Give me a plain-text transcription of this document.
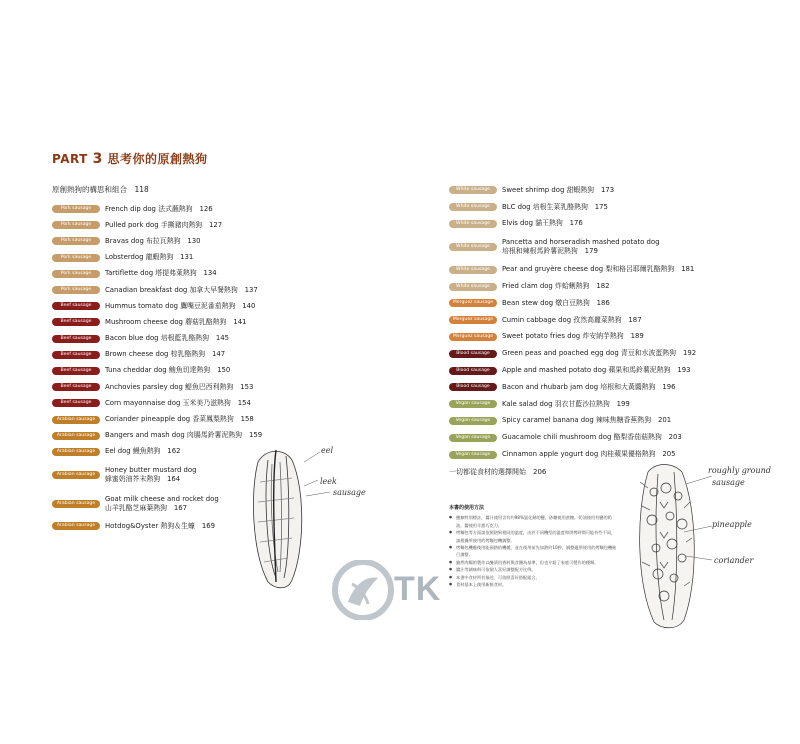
PART 3 思考你的原創熱狗
原創熱狗的構思和組合　118
Pork sausage	French dip dog 法式蘸熱狗　126
Pork sausage	Pulled pork dog 手撕豬肉熱狗　127
Pork sausage	Bravas dog 布拉瓦熱狗　130
Pork sausage	Lobsterdog 龍蝦熱狗　131
Pork sausage	Tartiflette dog 塔提弗萊熱狗　134
Pork sausage	Canadian breakfast dog 加拿大早餐熱狗　137
Beef sausage	Hummus tomato dog 鷹嘴豆泥番茄熱狗　140
Beef sausage	Mushroom cheese dog 蘑菇乳酪熱狗　141
Beef sausage	Bacon blue dog 培根藍乳酪熱狗　145
Beef sausage	Brown cheese dog 棕乳酪熱狗　147
Beef sausage	Tuna cheddar dog 鮪魚切達熱狗　150
Beef sausage	Anchovies parsley dog 鯷魚巴西利熱狗　153
Beef sausage	Corn mayonnaise dog 玉米美乃滋熱狗　154
Arabian sausage	Coriander pineapple dog 香菜鳳梨熱狗　158
Arabian sausage	Bangers and mash dog 肉腸馬鈴薯泥熱狗　159
Arabian sausage	Eel dog 鰻魚熱狗　162
Arabian sausage
Honey butter mustard dog
蜂蜜奶油芥末熱狗　164
Arabian sausage
Goat milk cheese and rocket dog
山羊乳酪芝麻葉熱狗　167
Arabian sausage	Hotdog&Oyster 熱狗＆生蠔　169
White sausage	Sweet shrimp dog 甜蝦熱狗　173
White sausage	BLC dog 培根生菜乳酪熱狗　175
White sausage	Elvis dog 貓王熱狗　176
White sausage
Pancetta and horseradish mashed potato dog
培根和辣根馬鈴薯泥熱狗　179
White sausage	Pear and gruyère cheese dog 梨和格呂耶爾乳酪熱狗　181
White sausage	Fried clam dog 炸蛤蜊熱狗　182
Merguez sausage	Bean stew dog 燉白豆熱狗　186
Merguez sausage	Cumin cabbage dog 孜然高麗菜熱狗　187
Merguez sausage	Sweet potato fries dog 炸安納芋熱狗　189
Blood sausage	Green peas and poached egg dog 青豆和水波蛋熱狗　192
Blood sausage	Apple and mashed potato dog 蘋果和馬鈴薯泥熱狗　193
Blood sausage	Bacon and rhubarb jam dog 培根和大黃醬熱狗　196
Vegan sausage	Kale salad dog 羽衣甘藍沙拉熱狗　199
Vegan sausage	Spicy caramel banana dog 辣味焦糖香蕉熱狗　201
Vegan sausage	Guacamole chili mushroom dog 酪梨香茄菇熱狗　203
Vegan sausage	Cinnamon apple yogurt dog 肉桂蘋果優格熱狗　205
一切都從食材的選擇開始　206
本書的使用方法
● 鹽無特別標註，醬汁使用含有約98%氯化鈉的鹽，砂糖使用蔗糖。奶油使用有鹽的奶油，醬使用半甜巧克力。
● 烤麵包等方面請依照熱狗相同的溫度，由於不同機型的溫度和烘烤時間可能有些不同，請根據所使用的烤麵包機調整。
● 烤麵包機應使用能預熱的機種，並在使用前先加熱約10秒，調整適所使用的烤麵包機進行調整。
● 雖然肉腸的製作以醃漬用香料與食鹽為基準，但也介紹了家庭可製作的種類。
● 醬汁等調味料可依個人喜好調整配方比例。
● 本書中食材所有描述，可依照喜好搭配組合。
● 食材基本上使用新鮮食材。
eel
leek
sausage
roughly ground
sausage
pineapple
coriander
TK
